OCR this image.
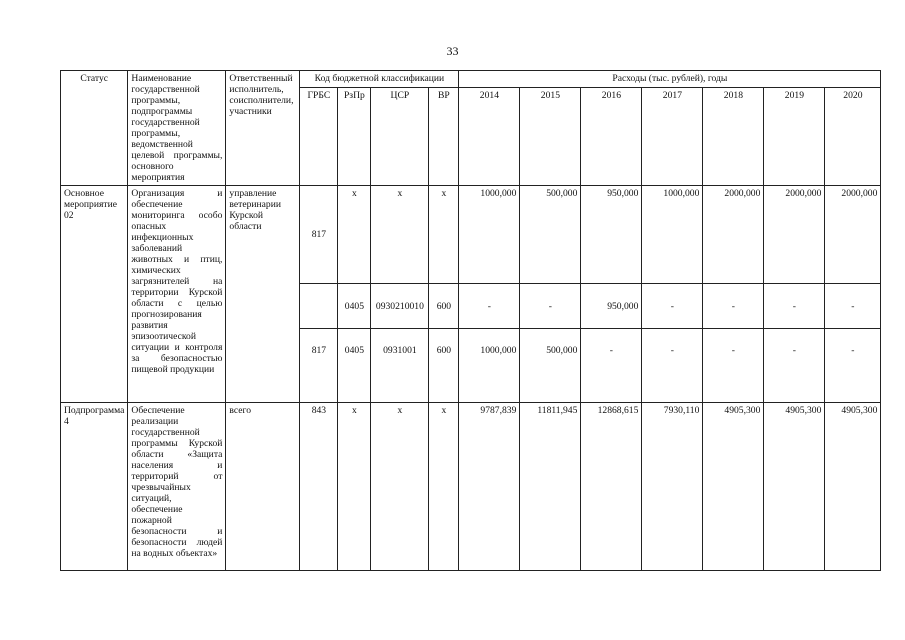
33
Статус	Наименование государственной программы, подпрограммы государственной программы, ведомственной целевой программы, основного мероприятия	Ответственный исполнитель, соисполнители, участники	Код бюджетной классификации				Расходы (тыс. рублей), годы						
			ГРБС	РзПр	ЦСР	ВР	2014	2015	2016	2017	2018	2019	2020
Основное мероприятие 02	Организация и обеспечение мониторинга особо опасных инфекционных заболеваний животных и птиц, химических загрязнителей на территории Курской области с целью прогнозирования развития эпизоотической ситуации и контроля за безопасностью пищевой продукции	управление ветеринарии Курской области	817	х	х	х	1000,000	500,000	950,000	1000,000	2000,000	2000,000	2000,000
				0405	0930210010	600	-	-	950,000	-	-	-	-
			817	0405	0931001	600	1000,000	500,000	-	-	-	-	-
Подпрограмма 4	Обеспечение реализации государственной программы Курской области «Защита населения и территорий от чрезвычайных ситуаций, обеспечение пожарной безопасности и безопасности людей на водных объектах»	всего	843	х	х	х	9787,839	11811,945	12868,615	7930,110	4905,300	4905,300	4905,300
